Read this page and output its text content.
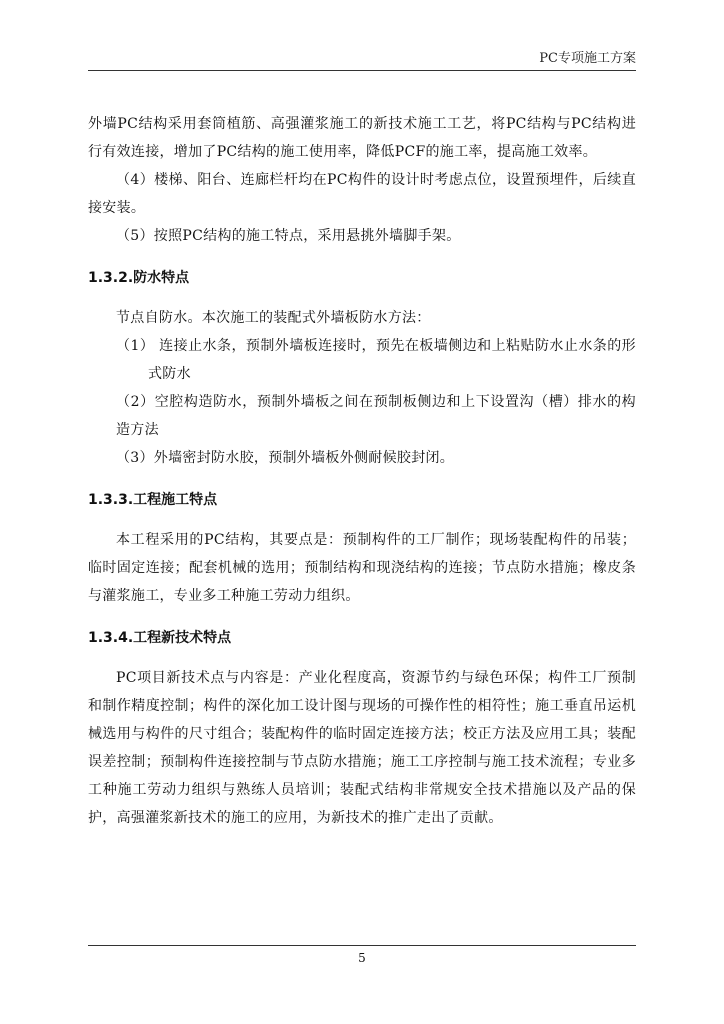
PC专项施工方案

外墙PC结构采用套筒植筋、高强灌浆施工的新技术施工工艺，将PC结构与PC结构进行有效连接，增加了PC结构的施工使用率，降低PCF的施工率，提高施工效率。

（4）楼梯、阳台、连廊栏杆均在PC构件的设计时考虑点位，设置预埋件，后续直接安装。

（5）按照PC结构的施工特点，采用悬挑外墙脚手架。

1.3.2.防水特点

节点自防水。本次施工的装配式外墙板防水方法：

（1） 连接止水条，预制外墙板连接时，预先在板墙侧边和上粘贴防水止水条的形式防水

（2）空腔构造防水，预制外墙板之间在预制板侧边和上下设置沟（槽）排水的构造方法

（3）外墙密封防水胶，预制外墙板外侧耐候胶封闭。

1.3.3.工程施工特点

本工程采用的PC结构，其要点是：预制构件的工厂制作；现场装配构件的吊装；临时固定连接；配套机械的选用；预制结构和现浇结构的连接；节点防水措施；橡皮条与灌浆施工，专业多工种施工劳动力组织。

1.3.4.工程新技术特点

PC项目新技术点与内容是：产业化程度高，资源节约与绿色环保；构件工厂预制和制作精度控制；构件的深化加工设计图与现场的可操作性的相符性；施工垂直吊运机械选用与构件的尺寸组合；装配构件的临时固定连接方法；校正方法及应用工具；装配误差控制；预制构件连接控制与节点防水措施；施工工序控制与施工技术流程；专业多工种施工劳动力组织与熟练人员培训；装配式结构非常规安全技术措施以及产品的保护，高强灌浆新技术的施工的应用，为新技术的推广走出了贡献。

5
